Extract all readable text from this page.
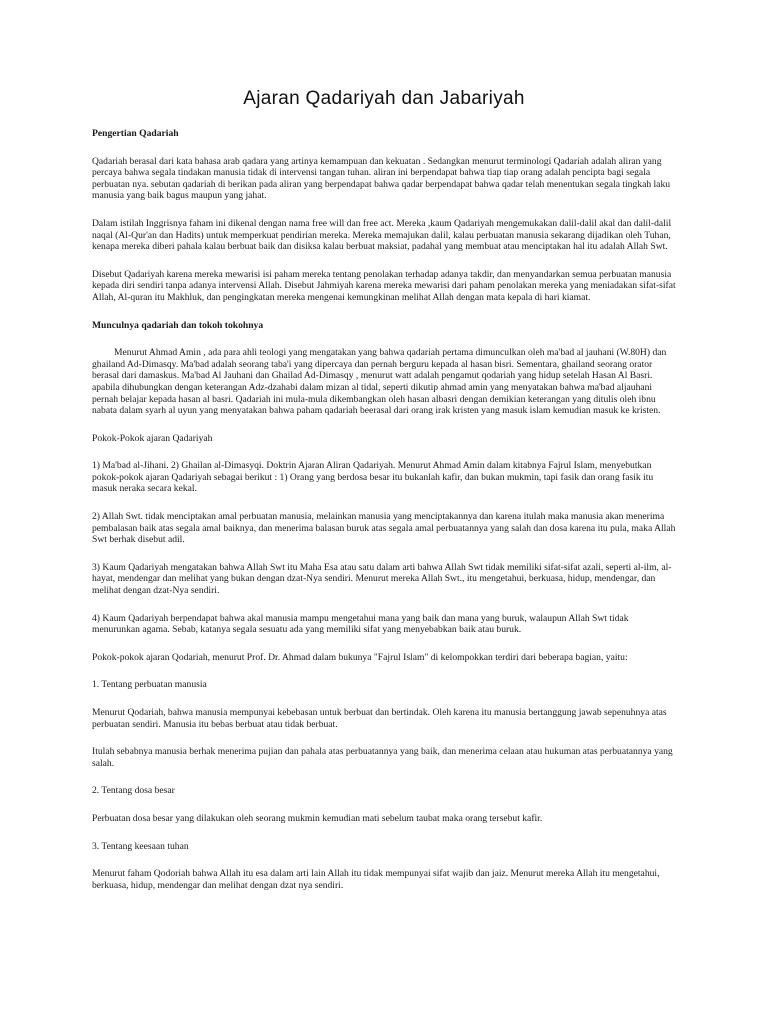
Ajaran Qadariyah dan Jabariyah

Pengertian Qadariah

Qadariah berasal dari kata bahasa arab qadara yang artinya kemampuan dan kekuatan . Sedangkan menurut terminologi Qadariah adalah aliran yang percaya bahwa segala tindakan manusia tidak di intervensi tangan tuhan. aliran ini berpendapat bahwa tiap tiap orang adalah pencipta bagi segala perbuatan nya. sebutan qadariah di berikan pada aliran yang berpendapat bahwa qadar berpendapat bahwa qadar telah menentukan segala tingkah laku manusia yang baik bagus maupun yang jahat.

Dalam istilah Inggrisnya faham ini dikenal dengan nama free will dan free act. Mereka ,kaum Qadariyah mengemukakan dalil-dalil akal dan dalil-dalil naqal (Al-Qur'an dan Hadits) untuk memperkuat pendirian mereka. Mereka memajukan dalil, kalau perbuatan manusia sekarang dijadikan oleh Tuhan, kenapa mereka diberi pahala kalau berbuat baik dan disiksa kalau berbuat maksiat, padahal yang membuat atau menciptakan hal itu adalah Allah Swt.

Disebut Qadariyah karena mereka mewarisi isi paham mereka tentang penolakan terhadap adanya takdir, dan menyandarkan semua perbuatan manusia kepada diri sendiri tanpa adanya intervensi Allah. Disebut Jahmiyah karena mereka mewarisi dari paham penolakan mereka yang meniadakan sifat-sifat Allah, Al-quran itu Makhluk, dan pengingkatan mereka mengenai kemungkinan melihat Allah dengan mata kepala di hari kiamat.

Munculnya qadariah dan tokoh tokohnya

Menurut Ahmad Amin , ada para ahli teologi yang mengatakan yang bahwa qadariah pertama dimunculkan oleh ma'bad al jauhani (W.80H) dan ghailand Ad-Dimasqy. Ma'bad adalah seorang taba'i yang dipercaya dan pernah berguru kepada al hasan bisri. Sementara, ghailand seorang orator berasal dari damaskus. Ma'bad Al Jauhani dan Ghailad Ad-Dimasqy , menurut watt adalah pengamut qodariah yang hidup setelah Hasan Al Basri. apabila dihubungkan dengan keterangan Adz-dzahabi dalam mizan al tidal, seperti dikutip ahmad amin yang menyatakan bahwa ma'bad aljauhani pernah belajar kepada hasan al basri. Qadariah ini mula-mula dikembangkan oleh hasan albasri dengan demikian keterangan yang ditulis oleh ibnu nabata dalam syarh al uyun yang menyatakan bahwa paham qadariah beerasal dari orang irak kristen yang masuk islam kemudian masuk ke kristen.

Pokok-Pokok ajaran Qadariyah

1) Ma'bad al-Jihani. 2) Ghailan al-Dimasyqi. Doktrin Ajaran Aliran Qadariyah. Menurut Ahmad Amin dalam kitabnya Fajrul Islam, menyebutkan pokok-pokok ajaran Qadariyah sebagai berikut : 1) Orang yang berdosa besar itu bukanlah kafir, dan bukan mukmin, tapi fasik dan orang fasik itu masuk neraka secara kekal.

2) Allah Swt. tidak menciptakan amal perbuatan manusia, melainkan manusia yang menciptakannya dan karena itulah maka manusia akan menerima pembalasan baik atas segala amal baiknya, dan menerima balasan buruk atas segala amal perbuatannya yang salah dan dosa karena itu pula, maka Allah Swt berhak disebut adil.

3) Kaum Qadariyah mengatakan bahwa Allah Swt itu Maha Esa atau satu dalam arti bahwa Allah Swt tidak memiliki sifat-sifat azali, seperti al-ilm, al-hayat, mendengar dan melihat yang bukan dengan dzat-Nya sendiri. Menurut mereka Allah Swt., itu mengetahui, berkuasa, hidup, mendengar, dan melihat dengan dzat-Nya sendiri.

4) Kaum Qadariyah berpendapat bahwa akal manusia mampu mengetahui mana yang baik dan mana yang buruk, walaupun Allah Swt tidak menurunkan agama. Sebab, katanya segala sesuatu ada yang memiliki sifat yang menyebabkan baik atau buruk.

Pokok-pokok ajaran Qodariah, menurut Prof. Dr. Ahmad dalam bukunya "Fajrul Islam" di kelompokkan terdiri dari beberapa bagian, yaitu:

1. Tentang perbuatan manusia

Menurut Qodariah, bahwa manusia mempunyai kebebasan untuk berbuat dan bertindak. Oleh karena itu manusia bertanggung jawab sepenuhnya atas perbuatan sendiri. Manusia itu bebas berbuat atau tidak berbuat.

Itulah sebabnya manusia berhak menerima pujian dan pahala atas perbuatannya yang baik, dan menerima celaan atau hukuman atas perbuatannya yang salah.

2. Tentang dosa besar

Perbuatan dosa besar yang dilakukan oleh seorang mukmin kemudian mati sebelum taubat maka orang tersebut kafir.

3. Tentang keesaan tuhan

Menurut faham Qodoriah bahwa Allah itu esa dalam arti lain Allah itu tidak mempunyai sifat wajib dan jaiz. Menurut mereka Allah itu mengetahui, berkuasa, hidup, mendengar dan melihat dengan dzat nya sendiri.
